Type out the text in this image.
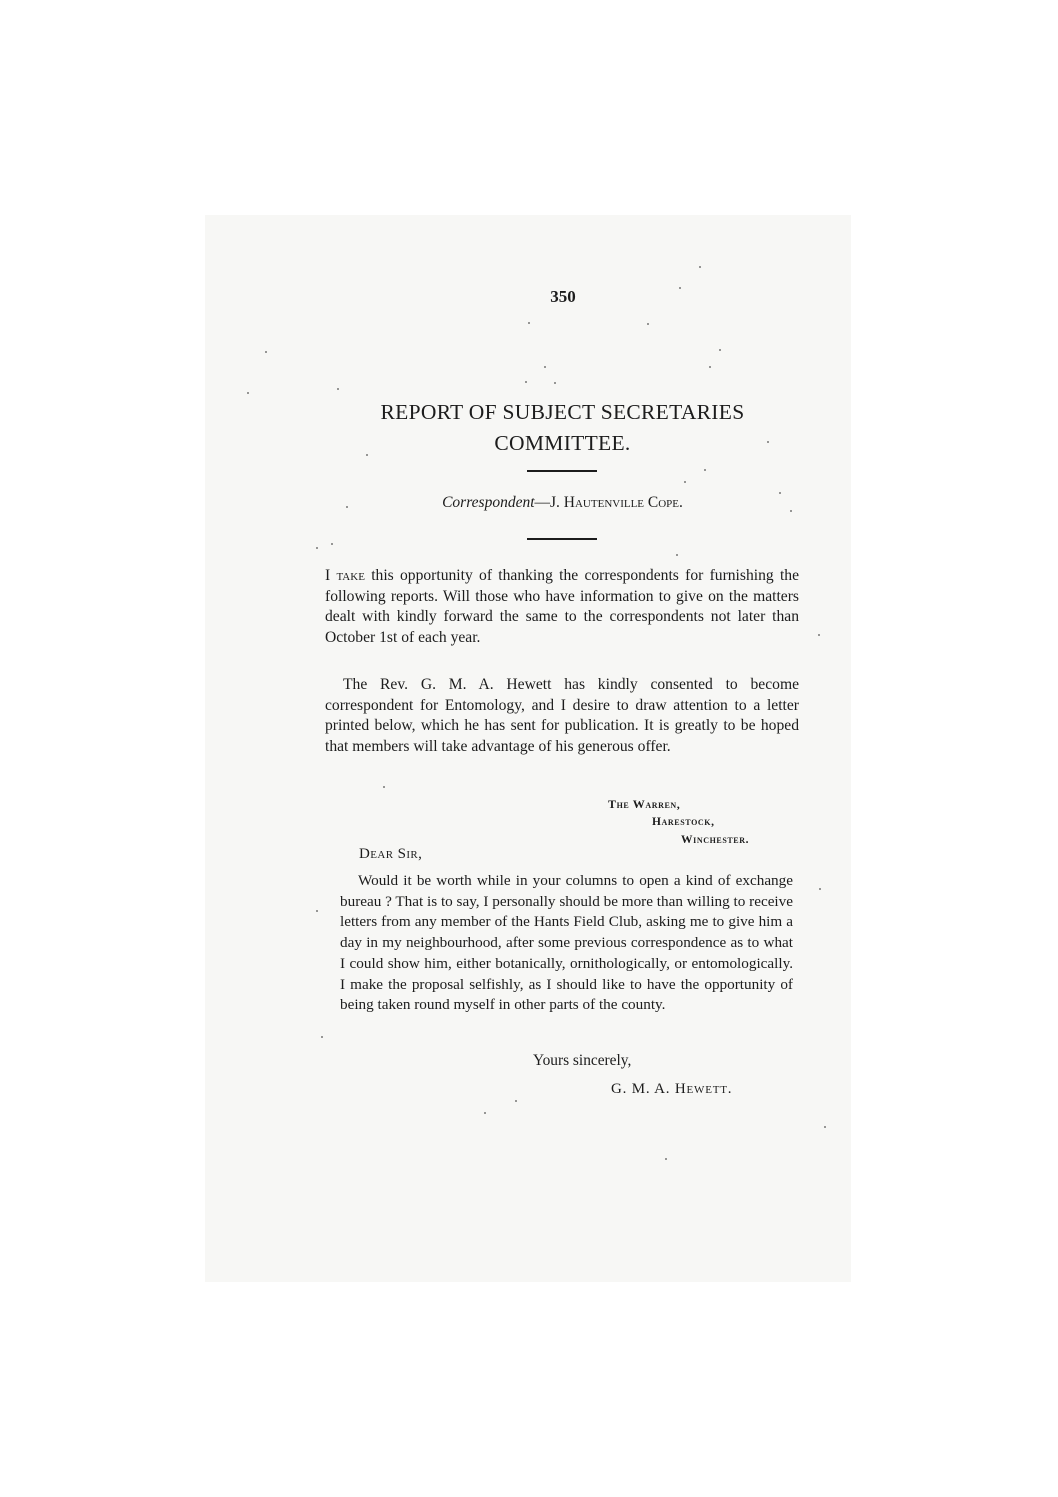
350
REPORT OF SUBJECT SECRETARIES
COMMITTEE.
Correspondent—J. Hautenville Cope.
I take this opportunity of thanking the correspondents for furnishing the following reports. Will those who have information to give on the matters dealt with kindly forward the same to the correspondents not later than October 1st of each year.
The Rev. G. M. A. Hewett has kindly consented to become correspondent for Entomology, and I desire to draw attention to a letter printed below, which he has sent for publication. It is greatly to be hoped that members will take advantage of his generous offer.
The Warren,
Harestock,
Winchester.
Dear Sir,
Would it be worth while in your columns to open a kind of exchange bureau ? That is to say, I personally should be more than willing to receive letters from any member of the Hants Field Club, asking me to give him a day in my neighbourhood, after some previous correspondence as to what I could show him, either botanically, ornithologically, or entomologically. I make the proposal selfishly, as I should like to have the opportunity of being taken round myself in other parts of the county.
Yours sincerely,
G. M. A. Hewett.
